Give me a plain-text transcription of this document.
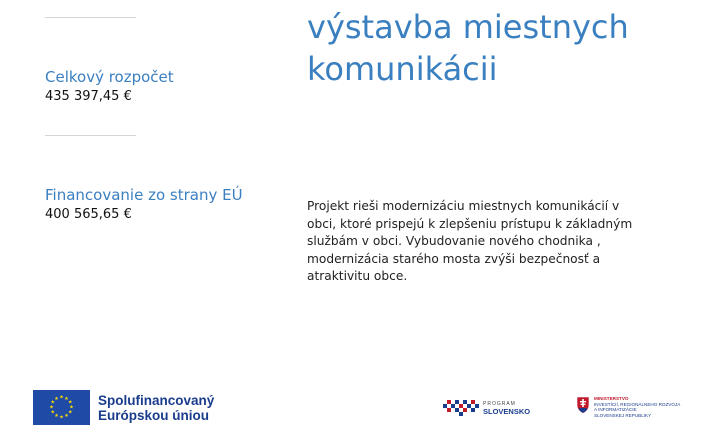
Celkový rozpočet
435 397,45 €
Financovanie zo strany EÚ
400 565,65 €
výstavba miestnych
komunikácii

Projekt rieši modernizáciu miestnych komunikácií v obci, ktoré prispejú k zlepšeniu prístupu k základným službám v obci. Vybudovanie nového chodnika , modernizácia starého mosta zvýši bezpečnosť a atraktivitu obce.

★ ★
★
★
★
★
★
★
★
★
★
★	Spolufinancovaný
Európskou úniou
PROGRAM
SLOVENSKO
MINISTERSTVO
INVESTÍCIÍ, REGIONÁLNEHO ROZVOJA
A INFORMATIZÁCIE
SLOVENSKEJ REPUBLIKY
